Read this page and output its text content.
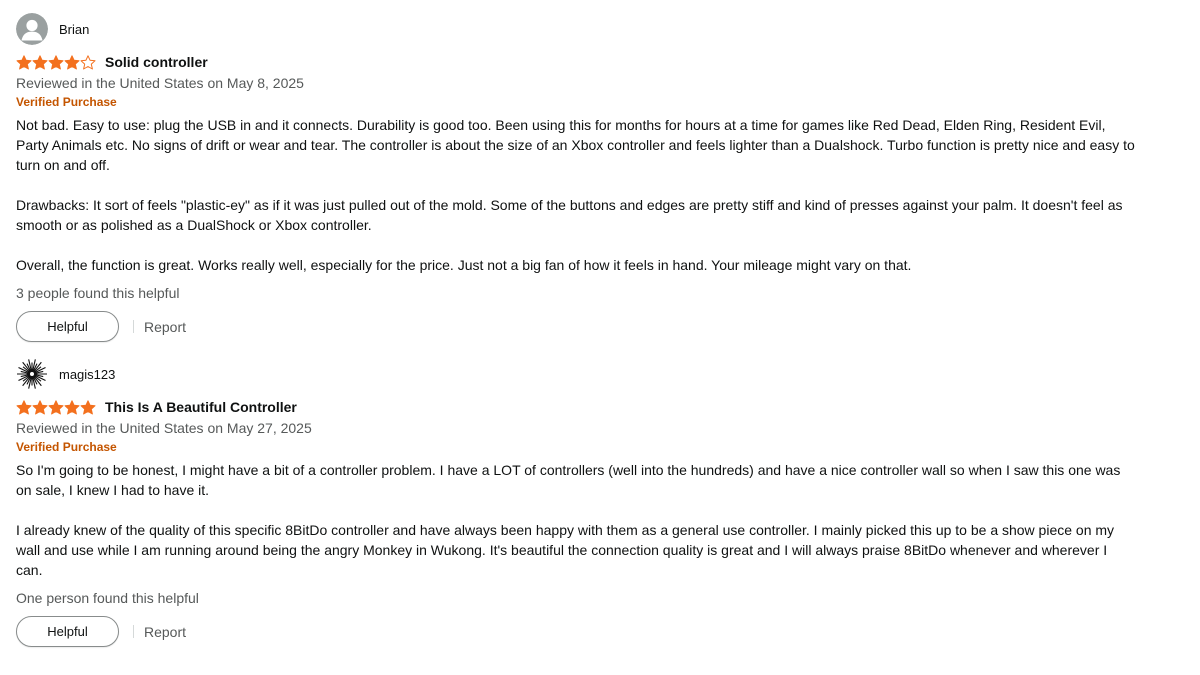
Brian
Solid controller
Reviewed in the United States on May 8, 2025
Verified Purchase

Not bad. Easy to use: plug the USB in and it connects. Durability is good too. Been using this for months for hours at a time for games like Red Dead, Elden Ring, Resident Evil, Party Animals etc. No signs of drift or wear and tear. The controller is about the size of an Xbox controller and feels lighter than a Dualshock. Turbo function is pretty nice and easy to turn on and off.

Drawbacks: It sort of feels "plastic-ey" as if it was just pulled out of the mold. Some of the buttons and edges are pretty stiff and kind of presses against your palm. It doesn't feel as smooth or as polished as a DualShock or Xbox controller.

Overall, the function is great. Works really well, especially for the price. Just not a big fan of how it feels in hand. Your mileage might vary on that.

3 people found this helpful
Helpful	Report
magis123
This Is A Beautiful Controller
Reviewed in the United States on May 27, 2025
Verified Purchase

So I'm going to be honest, I might have a bit of a controller problem. I have a LOT of controllers (well into the hundreds) and have a nice controller wall so when I saw this one was on sale, I knew I had to have it.

I already knew of the quality of this specific 8BitDo controller and have always been happy with them as a general use controller. I mainly picked this up to be a show piece on my wall and use while I am running around being the angry Monkey in Wukong. It's beautiful the connection quality is great and I will always praise 8BitDo whenever and wherever I can.

One person found this helpful
Helpful	Report
